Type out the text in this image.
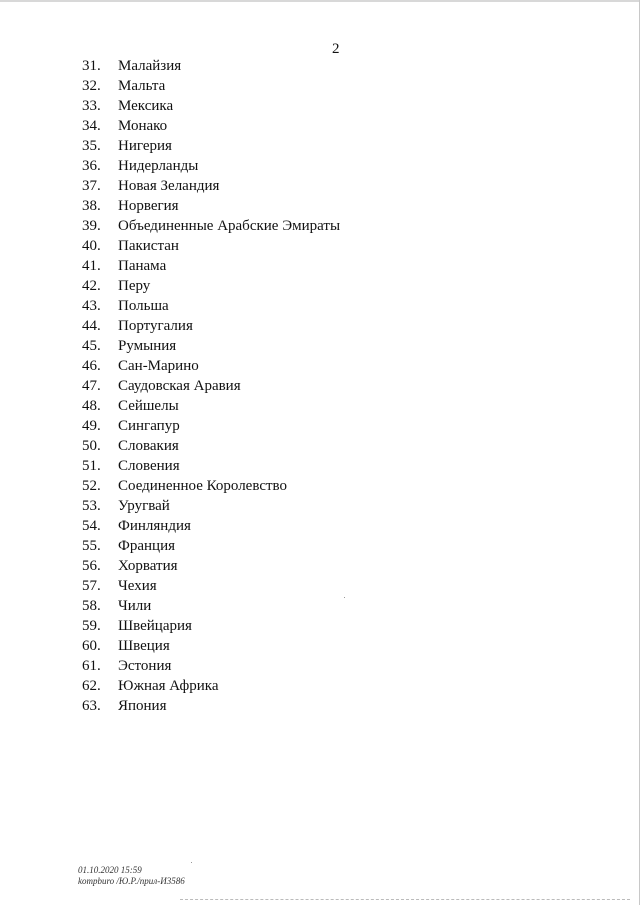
2
31. Малайзия
32. Мальта
33. Мексика
34. Монако
35. Нигерия
36. Нидерланды
37. Новая Зеландия
38. Норвегия
39. Объединенные Арабские Эмираты
40. Пакистан
41. Панама
42. Перу
43. Польша
44. Португалия
45. Румыния
46. Сан-Марино
47. Саудовская Аравия
48. Сейшелы
49. Сингапур
50. Словакия
51. Словения
52. Соединенное Королевство
53. Уругвай
54. Финляндия
55. Франция
56. Хорватия
57. Чехия
58. Чили
59. Швейцария
60. Швеция
61. Эстония
62. Южная Африка
63. Япония
01.10.2020 15:59
kompburo /Ю.Р./прил-И3586
